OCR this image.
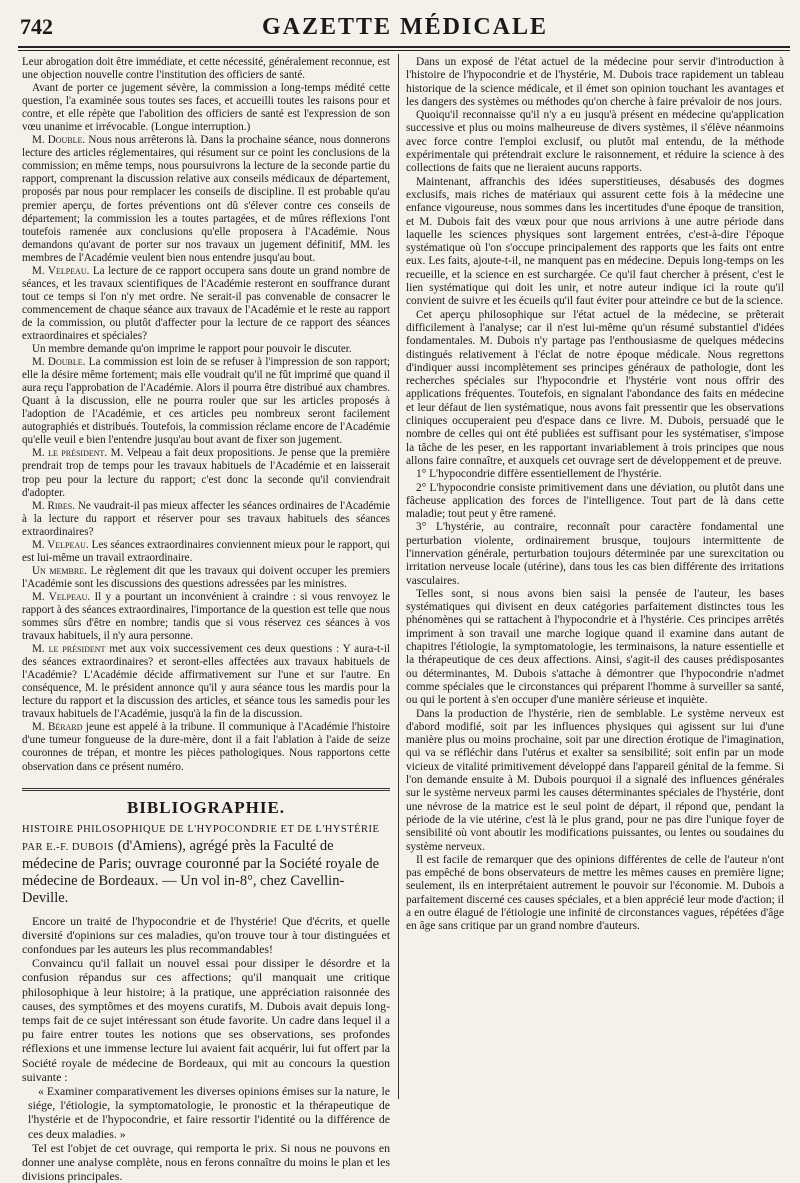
742	GAZETTE MÉDICALE

Leur abrogation doit être immédiate, et cette nécessité, généralement reconnue, est une objection nouvelle contre l'institution des officiers de santé.

Avant de porter ce jugement sévère, la commission a long-temps médité cette question, l'a examinée sous toutes ses faces, et accueilli toutes les raisons pour et contre, et elle répète que l'abolition des officiers de santé est l'expression de son vœu unanime et irrévocable. (Longue interruption.)

M. Double. Nous nous arrêterons là. Dans la prochaine séance, nous donnerons lecture des articles réglementaires, qui résument sur ce point les conclusions de la commission; en même temps, nous poursuivrons la lecture de la seconde partie du rapport, comprenant la discussion relative aux conseils médicaux de département, proposés par nous pour remplacer les conseils de discipline. Il est probable qu'au premier aperçu, de fortes préventions ont dû s'élever contre ces conseils de département; la commission les a toutes partagées, et de mûres réflexions l'ont toutefois ramenée aux conclusions qu'elle proposera à l'Académie. Nous demandons qu'avant de porter sur nos travaux un jugement définitif, MM. les membres de l'Académie veulent bien nous entendre jusqu'au bout.

M. Velpeau. La lecture de ce rapport occupera sans doute un grand nombre de séances, et les travaux scientifiques de l'Académie resteront en souffrance durant tout ce temps si l'on n'y met ordre. Ne serait-il pas convenable de consacrer le commencement de chaque séance aux travaux de l'Académie et le reste au rapport de la commission, ou plutôt d'affecter pour la lecture de ce rapport des séances extraordinaires et spéciales?

Un membre demande qu'on imprime le rapport pour pouvoir le discuter.

M. Double. La commission est loin de se refuser à l'impression de son rapport; elle la désire même fortement; mais elle voudrait qu'il ne fût imprimé que quand il aura reçu l'approbation de l'Académie. Alors il pourra être distribué aux chambres. Quant à la discussion, elle ne pourra rouler que sur les articles proposés à l'adoption de l'Académie, et ces articles peu nombreux seront facilement autographiés et distribués. Toutefois, la commission réclame encore de l'Académie qu'elle veuil e bien l'entendre jusqu'au bout avant de fixer son jugement.

M. le président. M. Velpeau a fait deux propositions. Je pense que la première prendrait trop de temps pour les travaux habituels de l'Académie et en laisserait trop peu pour la lecture du rapport; c'est donc la seconde qu'il conviendrait d'adopter.

M. Ribes. Ne vaudrait-il pas mieux affecter les séances ordinaires de l'Académie à la lecture du rapport et réserver pour ses travaux habituels des séances extraordinaires?

M. Velpeau. Les séances extraordinaires conviennent mieux pour le rapport, qui est lui-même un travail extraordinaire.

Un membre. Le règlement dit que les travaux qui doivent occuper les premiers l'Académie sont les discussions des questions adressées par les ministres.

M. Velpeau. Il y a pourtant un inconvénient à craindre : si vous renvoyez le rapport à des séances extraordinaires, l'importance de la question est telle que nous sommes sûrs d'être en nombre; tandis que si vous réservez ces séances à vos travaux habituels, il n'y aura personne.

M. le président met aux voix successivement ces deux questions : Y aura-t-il des séances extraordinaires? et seront-elles affectées aux travaux habituels de l'Académie? L'Académie décide affirmativement sur l'une et sur l'autre. En conséquence, M. le président annonce qu'il y aura séance tous les mardis pour la lecture du rapport et la discussion des articles, et séance tous les samedis pour les travaux habituels de l'Académie, jusqu'à la fin de la discussion.

M. Bérard jeune est appelé à la tribune. Il communique à l'Académie l'histoire d'une tumeur fongueuse de la dure-mère, dont il a fait l'ablation à l'aide de seize couronnes de trépan, et montre les pièces pathologiques. Nous rapportons cette observation dans ce présent numéro.

BIBLIOGRAPHIE.

HISTOIRE PHILOSOPHIQUE DE L'HYPOCONDRIE ET DE L'HYSTÉRIE PAR E.-F. DUBOIS (d'Amiens), agrégé près la Faculté de médecine de Paris; ouvrage couronné par la Société royale de médecine de Bordeaux. — Un vol in-8°, chez Cavellin-Deville.

Encore un traité de l'hypocondrie et de l'hystérie! Que d'écrits, et quelle diversité d'opinions sur ces maladies, qu'on trouve tour à tour distinguées et confondues par les auteurs les plus recommandables!

Convaincu qu'il fallait un nouvel essai pour dissiper le désordre et la confusion répandus sur ces affections; qu'il manquait une critique philosophique à leur histoire; à la pratique, une appréciation raisonnée des causes, des symptômes et des moyens curatifs, M. Dubois avait depuis long-temps fait de ce sujet intéressant son étude favorite. Un cadre dans lequel il a pu faire entrer toutes les notions que ses observations, ses profondes réflexions et une immense lecture lui avaient fait acquérir, lui fut offert par la Société royale de médecine de Bordeaux, qui mit au concours la question suivante :

« Examiner comparativement les diverses opinions émises sur la nature, le siége, l'étiologie, la symptomatologie, le pronostic et la thérapeutique de l'hystérie et de l'hypocondrie, et faire ressortir l'identité ou la différence de ces deux maladies. »

Tel est l'objet de cet ouvrage, qui remporta le prix. Si nous ne pouvons en donner une analyse complète, nous en ferons connaître du moins le plan et les divisions principales.

Dans un exposé de l'état actuel de la médecine pour servir d'introduction à l'histoire de l'hypocondrie et de l'hystérie, M. Dubois trace rapidement un tableau historique de la science médicale, et il émet son opinion touchant les avantages et les dangers des systèmes ou méthodes qu'on cherche à faire prévaloir de nos jours.

Quoiqu'il reconnaisse qu'il n'y a eu jusqu'à présent en médecine qu'application successive et plus ou moins malheureuse de divers systèmes, il s'élève néanmoins avec force contre l'emploi exclusif, ou plutôt mal entendu, de la méthode expérimentale qui prétendrait exclure le raisonnement, et réduire la science à des collections de faits que ne lieraient aucuns rapports.

Maintenant, affranchis des idées superstitieuses, désabusés des dogmes exclusifs, mais riches de matériaux qui assurent cette fois à la médecine une enfance vigoureuse, nous sommes dans les incertitudes d'une époque de transition, et M. Dubois fait des vœux pour que nous arrivions à une autre période dans laquelle les sciences physiques sont largement entrées, c'est-à-dire l'époque systématique où l'on s'occupe principalement des rapports que les faits ont entre eux. Les faits, ajoute-t-il, ne manquent pas en médecine. Depuis long-temps on les recueille, et la science en est surchargée. Ce qu'il faut chercher à présent, c'est le lien systématique qui doit les unir, et notre auteur indique ici la route qu'il convient de suivre et les écueils qu'il faut éviter pour atteindre ce but de la science.

Cet aperçu philosophique sur l'état actuel de la médecine, se prêterait difficilement à l'analyse; car il n'est lui-même qu'un résumé substantiel d'idées fondamentales. M. Dubois n'y partage pas l'enthousiasme de quelques médecins distingués relativement à l'éclat de notre époque médicale. Nous regrettons d'indiquer aussi incomplètement ses principes généraux de pathologie, dont les recherches spéciales sur l'hypocondrie et l'hystérie vont nous offrir des applications fréquentes. Toutefois, en signalant l'abondance des faits en médecine et leur défaut de lien systématique, nous avons fait pressentir que les observations cliniques occuperaient peu d'espace dans ce livre. M. Dubois, persuadé que le nombre de celles qui ont été publiées est suffisant pour les systématiser, s'impose la tâche de les peser, en les rapportant invariablement à trois principes que nous allons faire connaître, et auxquels cet ouvrage sert de développement et de preuve.

1° L'hypocondrie diffère essentiellement de l'hystérie.

2° L'hypocondrie consiste primitivement dans une déviation, ou plutôt dans une fâcheuse application des forces de l'intelligence. Tout part de là dans cette maladie; tout peut y être ramené.

3° L'hystérie, au contraire, reconnaît pour caractère fondamental une perturbation violente, ordinairement brusque, toujours intermittente de l'innervation générale, perturbation toujours déterminée par une surexcitation ou irritation nerveuse locale (utérine), dans tous les cas bien différente des irritations vasculaires.

Telles sont, si nous avons bien saisi la pensée de l'auteur, les bases systématiques qui divisent en deux catégories parfaitement distinctes tous les phénomènes qui se rattachent à l'hypocondrie et à l'hystérie. Ces principes arrêtés impriment à son travail une marche logique quand il examine dans autant de chapitres l'étiologie, la symptomatologie, les terminaisons, la nature essentielle et la thérapeutique de ces deux affections. Ainsi, s'agit-il des causes prédisposantes ou déterminantes, M. Dubois s'attache à démontrer que l'hypocondrie n'admet comme spéciales que le circonstances qui préparent l'homme à surveiller sa santé, ou qui le portent à s'en occuper d'une manière sérieuse et inquiète.

Dans la production de l'hystérie, rien de semblable. Le système nerveux est d'abord modifié, soit par les influences physiques qui agissent sur lui d'une manière plus ou moins prochaine, soit par une direction érotique de l'imagination, qui va se réfléchir dans l'utérus et exalter sa sensibilité; soit enfin par un mode vicieux de vitalité primitivement développé dans l'appareil génital de la femme. Si l'on demande ensuite à M. Dubois pourquoi il a signalé des influences générales sur le système nerveux parmi les causes déterminantes spéciales de l'hystérie, dont une névrose de la matrice est le seul point de départ, il répond que, pendant la période de la vie utérine, c'est là le plus grand, pour ne pas dire l'unique foyer de sensibilité où vont aboutir les modifications puissantes, ou lentes ou soudaines du système nerveux.

Il est facile de remarquer que des opinions différentes de celle de l'auteur n'ont pas empêché de bons observateurs de mettre les mêmes causes en première ligne; seulement, ils en interprétaient autrement le pouvoir sur l'économie. M. Dubois a parfaitement discerné ces causes spéciales, et a bien apprécié leur mode d'action; il a en outre élagué de l'étiologie une infinité de circonstances vagues, répétées d'âge en âge sans critique par un grand nombre d'auteurs.
